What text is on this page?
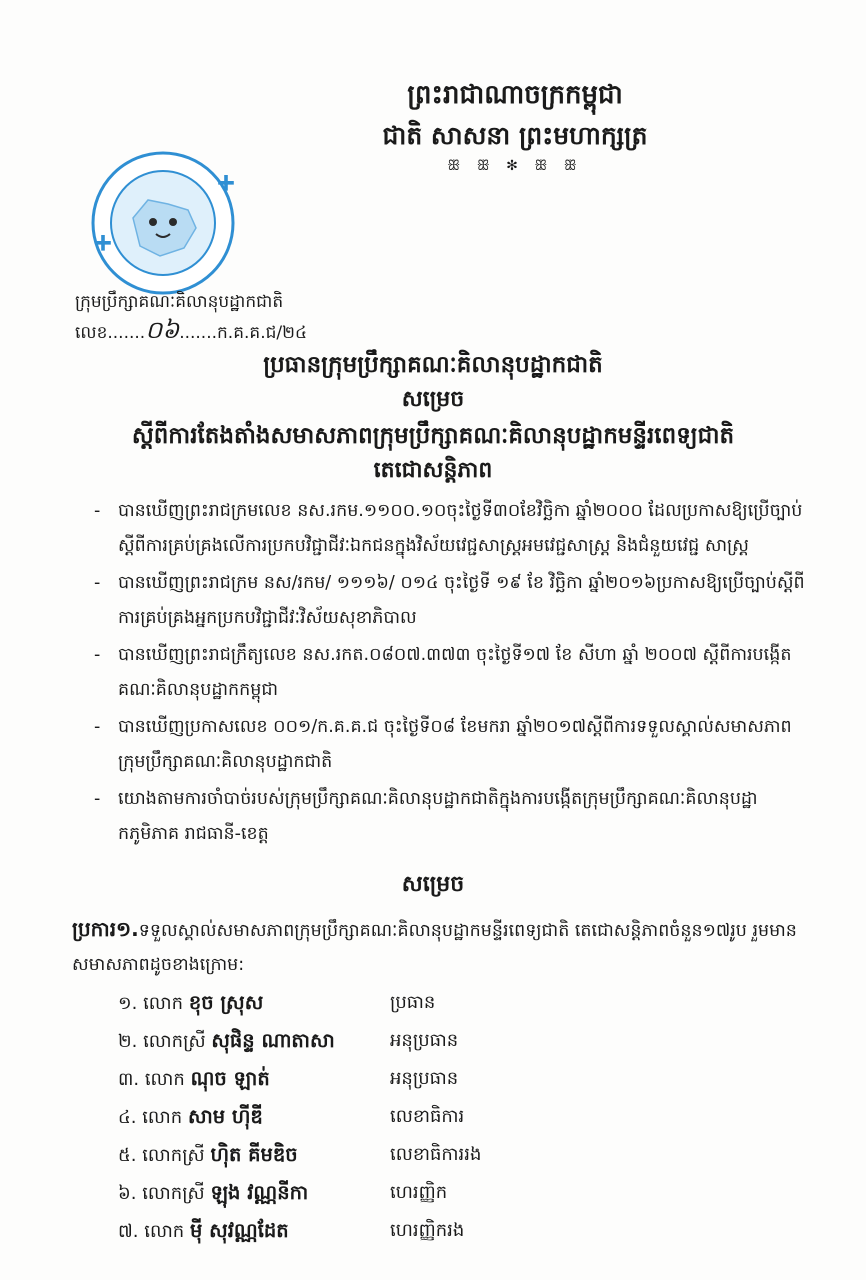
ព្រះរាជាណាចក្រកម្ពុជា
ជាតិ សាសនា ព្រះមហាក្សត្រ
ꕥ ꕥ ✻ ꕥ ꕥ
ក្រុមប្រឹក្សាគណៈគិលានុបដ្ឋាកជាតិ
លេខ.......០៦.......ក.គ.គ.ជ/២៤
ប្រធានក្រុមប្រឹក្សាគណៈគិលានុបដ្ឋាកជាតិ
សម្រេច
ស្តីពីការតែងតាំងសមាសភាពក្រុមប្រឹក្សាគណៈគិលានុបដ្ឋាកមន្ទីរពេទ្យជាតិ
តេជោសន្តិភាព
- បានឃើញព្រះរាជក្រមលេខ នស.រកម.១១០០.១០ចុះថ្ងៃទី៣០ខែវិច្ឆិកា ឆ្នាំ២០០០ ដែលប្រកាសឱ្យប្រើច្បាប់ស្តីពីការគ្រប់គ្រងលើការប្រកបវិជ្ជាជីវៈឯកជនក្នុងវិស័យវេជ្ជសាស្ត្រអមវេជ្ជសាស្ត្រ និងជំនួយវេជ្ជ សាស្ត្រ
- បានឃើញព្រះរាជក្រម នស/រកម/ ១១១៦/ ០១៤ ចុះថ្ងៃទី ១៩ ខែ វិច្ឆិកា ឆ្នាំ២០១៦ប្រកាសឱ្យប្រើច្បាប់ស្តីពីការគ្រប់គ្រងអ្នកប្រកបវិជ្ជាជីវៈវិស័យសុខាភិបាល
- បានឃើញព្រះរាជក្រឹត្យលេខ នស.រកត.០៨០៧.៣៧៣ ចុះថ្ងៃទី១៧ ខែ សីហា ឆ្នាំ ២០០៧ ស្តីពីការបង្កើត គណៈគិលានុបដ្ឋាកកម្ពុជា
- បានឃើញប្រកាសលេខ ០០១/ក.គ.គ.ជ ចុះថ្ងៃទី០៨ ខែមករា ឆ្នាំ២០១៧ស្តីពីការទទួលស្គាល់សមាសភាពក្រុមប្រឹក្សាគណៈគិលានុបដ្ឋាកជាតិ
- យោងតាមការចាំបាច់របស់ក្រុមប្រឹក្សាគណៈគិលានុបដ្ឋាកជាតិក្នុងការបង្កើតក្រុមប្រឹក្សាគណៈគិលានុបដ្ឋាកភូមិភាគ រាជធានី-ខេត្ត
សម្រេច
ប្រការ១.ទទួលស្គាល់សមាសភាពក្រុមប្រឹក្សាគណៈគិលានុបដ្ឋាកមន្ទីរពេទ្យជាតិ តេជោសន្តិភាពចំនួន១៧រូប រួមមានសមាសភាពដូចខាងក្រោម:
១. លោក ខុច ស្រុស	ប្រធាន
២. លោកស្រី សុផិន្ទ ណាតាសា	អនុប្រធាន
៣. លោក ណុច ឡាត់	អនុប្រធាន
៤. លោក សាម ហ៊ីឌី	លេខាធិការ
៥. លោកស្រី ហ៊ិត គីមឌិច	លេខាធិការរង
៦. លោកស្រី ឡុង វណ្ណនីកា	ហេរញ្ញិក
៧. លោក ម៉ី សុវណ្ណដែត	ហេរញ្ញិករង
